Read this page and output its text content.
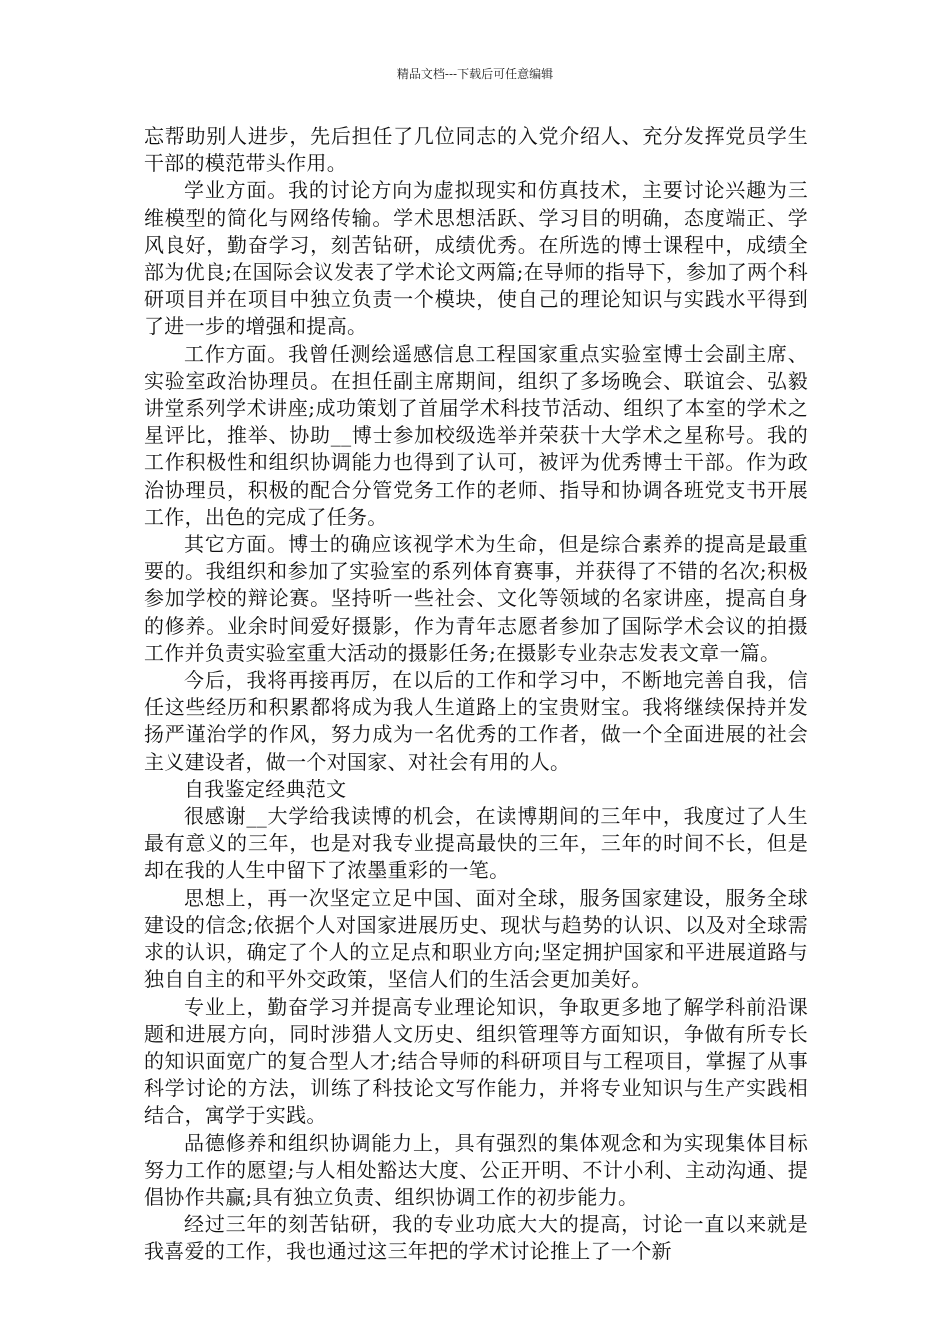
精品文档---下载后可任意编辑

忘帮助别人进步，先后担任了几位同志的入党介绍人、充分发挥党员学生干部的模范带头作用。

学业方面。我的讨论方向为虚拟现实和仿真技术，主要讨论兴趣为三维模型的简化与网络传输。学术思想活跃、学习目的明确，态度端正、学风良好，勤奋学习，刻苦钻研，成绩优秀。在所选的博士课程中，成绩全部为优良;在国际会议发表了学术论文两篇;在导师的指导下，参加了两个科研项目并在项目中独立负责一个模块，使自己的理论知识与实践水平得到了进一步的增强和提高。

工作方面。我曾任测绘遥感信息工程国家重点实验室博士会副主席、实验室政治协理员。在担任副主席期间，组织了多场晚会、联谊会、弘毅讲堂系列学术讲座;成功策划了首届学术科技节活动、组织了本室的学术之星评比，推举、协助__博士参加校级选举并荣获十大学术之星称号。我的工作积极性和组织协调能力也得到了认可，被评为优秀博士干部。作为政治协理员，积极的配合分管党务工作的老师、指导和协调各班党支书开展工作，出色的完成了任务。

其它方面。博士的确应该视学术为生命，但是综合素养的提高是最重要的。我组织和参加了实验室的系列体育赛事，并获得了不错的名次;积极参加学校的辩论赛。坚持听一些社会、文化等领域的名家讲座，提高自身的修养。业余时间爱好摄影，作为青年志愿者参加了国际学术会议的拍摄工作并负责实验室重大活动的摄影任务;在摄影专业杂志发表文章一篇。

今后，我将再接再厉，在以后的工作和学习中，不断地完善自我，信任这些经历和积累都将成为我人生道路上的宝贵财宝。我将继续保持并发扬严谨治学的作风，努力成为一名优秀的工作者，做一个全面进展的社会主义建设者，做一个对国家、对社会有用的人。

自我鉴定经典范文

很感谢__大学给我读博的机会，在读博期间的三年中，我度过了人生最有意义的三年，也是对我专业提高最快的三年，三年的时间不长，但是却在我的人生中留下了浓墨重彩的一笔。

思想上，再一次坚定立足中国、面对全球，服务国家建设，服务全球建设的信念;依据个人对国家进展历史、现状与趋势的认识、以及对全球需求的认识，确定了个人的立足点和职业方向;坚定拥护国家和平进展道路与独自自主的和平外交政策，坚信人们的生活会更加美好。

专业上，勤奋学习并提高专业理论知识，争取更多地了解学科前沿课题和进展方向，同时涉猎人文历史、组织管理等方面知识，争做有所专长的知识面宽广的复合型人才;结合导师的科研项目与工程项目，掌握了从事科学讨论的方法，训练了科技论文写作能力，并将专业知识与生产实践相结合，寓学于实践。

品德修养和组织协调能力上，具有强烈的集体观念和为实现集体目标努力工作的愿望;与人相处豁达大度、公正开明、不计小利、主动沟通、提倡协作共赢;具有独立负责、组织协调工作的初步能力。

经过三年的刻苦钻研，我的专业功底大大的提高，讨论一直以来就是我喜爱的工作，我也通过这三年把的学术讨论推上了一个新
